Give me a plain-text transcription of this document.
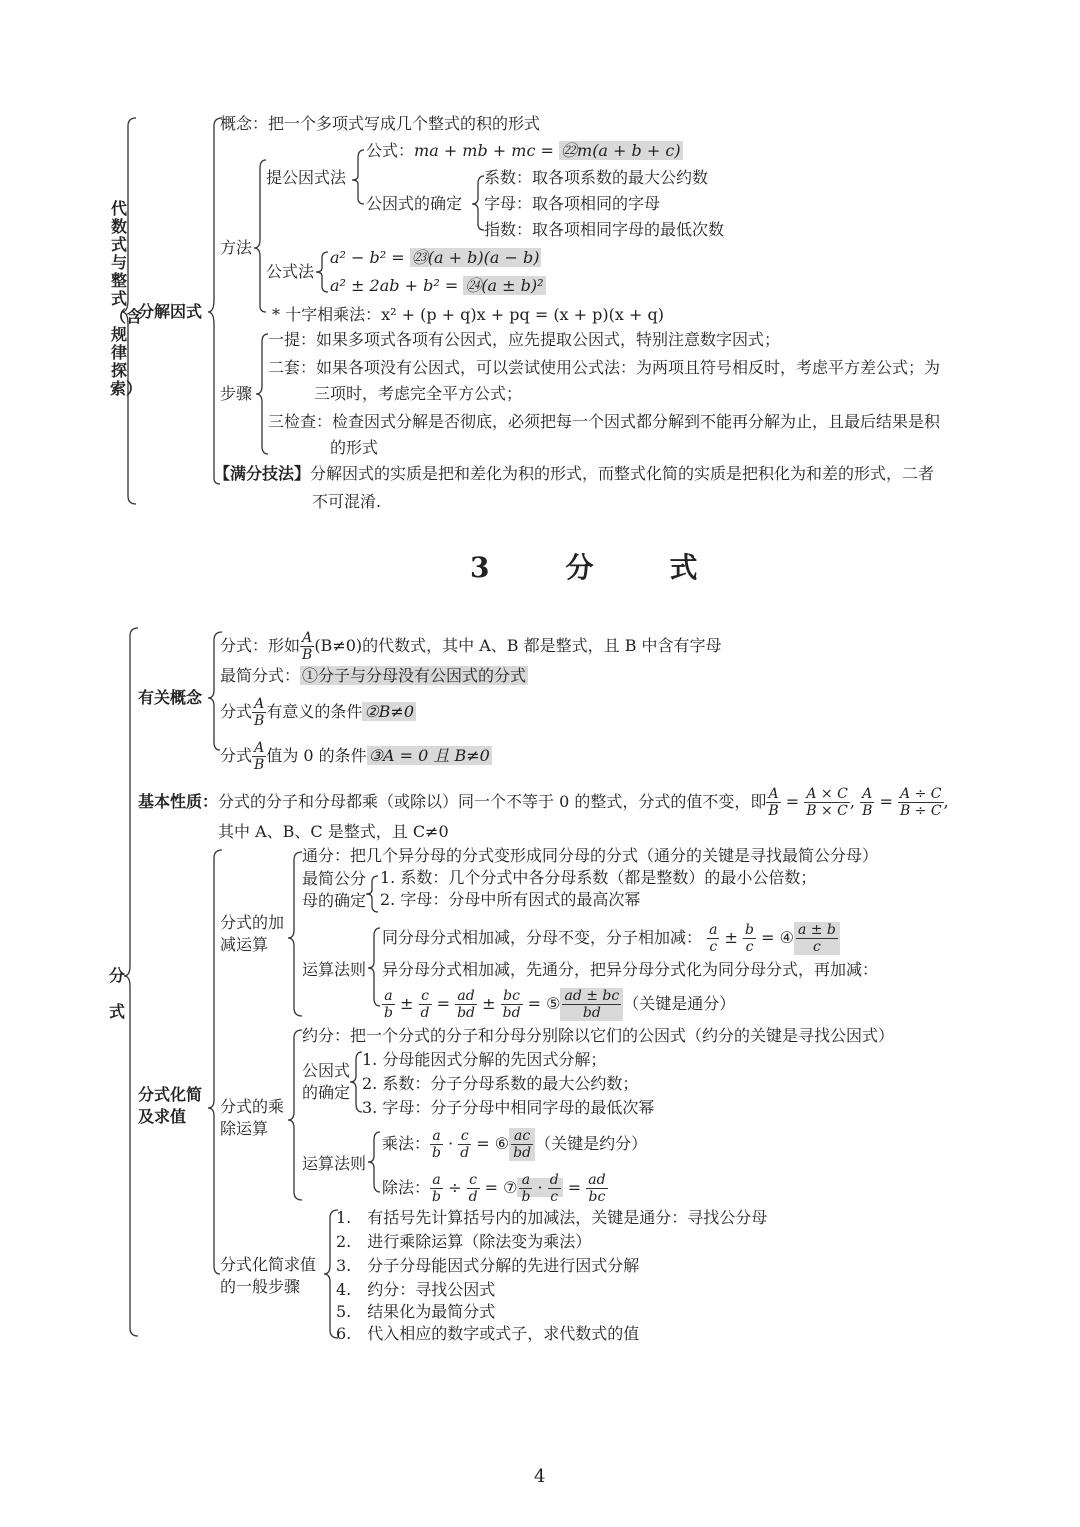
代数式与整式（含规律探索）
分解因式
概念：把一个多项式写成几个整式的积的形式
方法
提公因式法
公式：ma + mb + mc = ㉒m(a + b + c)
公因式的确定
系数：取各项系数的最大公约数
字母：取各项相同的字母
指数：取各项相同字母的最低次数
公式法
a² − b² = ㉓(a + b)(a − b)
a² ± 2ab + b² = ㉔(a ± b)²
* 十字相乘法：x² + (p + q)x + pq = (x + p)(x + q)
步骤
一提：如果多项式各项有公因式，应先提取公因式，特别注意数字因式；
二套：如果各项没有公因式，可以尝试使用公式法：为两项且符号相反时，考虑平方差公式；为
三项时，考虑完全平方公式；
三检查：检查因式分解是否彻底，必须把每一个因式都分解到不能再分解为止，且最后结果是积
的形式
【满分技法】分解因式的实质是把和差化为积的形式，而整式化简的实质是把积化为和差的形式，二者
不可混淆.
3　分　式
分式
有关概念
分式：形如 $\frac{A}{B} (B\ne 0)$的代数式，其中 A、B 都是整式，且 B 中含有字母
最简分式： ①分子与分母没有公因式的分式
分式 $\frac{A}{B}$ 有意义的条件 ②B≠0
分式 $\frac{A}{B}$ 值为 0 的条件 ③A = 0 且 B≠0
基本性质：分式的分子和分母都乘（或除以）同一个不等于 0 的整式，分式的值不变，即 $\frac{A}{B} = \frac{A \times C}{B \times C}$ , $\frac{A}{B} = \frac{A \div C}{B \div C}$ ,
其中 A、B、C 是整式，且 C≠0
分式化简及求值
分式的加减运算
通分：把几个异分母的分式变形成同分母的分式（通分的关键是寻找最简公分母）
最简公分母的确定
1. 系数：几个分式中各分母系数（都是整数）的最小公倍数；
2. 字母：分母中所有因式的最高次幂
运算法则
同分母分式相加减，分母不变，分子相加减： $\frac{a}{c} \pm \frac{b}{c}$ = ④ $\frac{a \pm b}{c}$
异分母分式相加减，先通分，把异分母分式化为同分母分式，再加减：
$\frac{a}{b} \pm \frac{c}{d} = \frac{ad}{bd} \pm \frac{bc}{bd}$ = ⑤ $\frac{ad \pm bc}{bd}$ （关键是通分）
分式的乘除运算
约分：把一个分式的分子和分母分别除以它们的公因式（约分的关键是寻找公因式）
公因式的确定
1. 分母能因式分解的先因式分解；
2. 系数：分子分母系数的最大公约数；
3. 字母：分子分母中相同字母的最低次幂
运算法则
乘法： $\frac{a}{b} \cdot \frac{c}{d}$ = ⑥ $\frac{ac}{bd}$ （关键是约分）
除法： $\frac{a}{b} \div \frac{c}{d}$ = ⑦ $\frac{a}{b} \cdot \frac{d}{c} = \frac{ad}{bc}$
分式化简求值的一般步骤
1.　有括号先计算括号内的加减法，关键是通分：寻找公分母
2.　进行乘除运算（除法变为乘法）
3.　分子分母能因式分解的先进行因式分解
4.　约分：寻找公因式
5.　结果化为最简分式
6.　代入相应的数字或式子，求代数式的值
4
